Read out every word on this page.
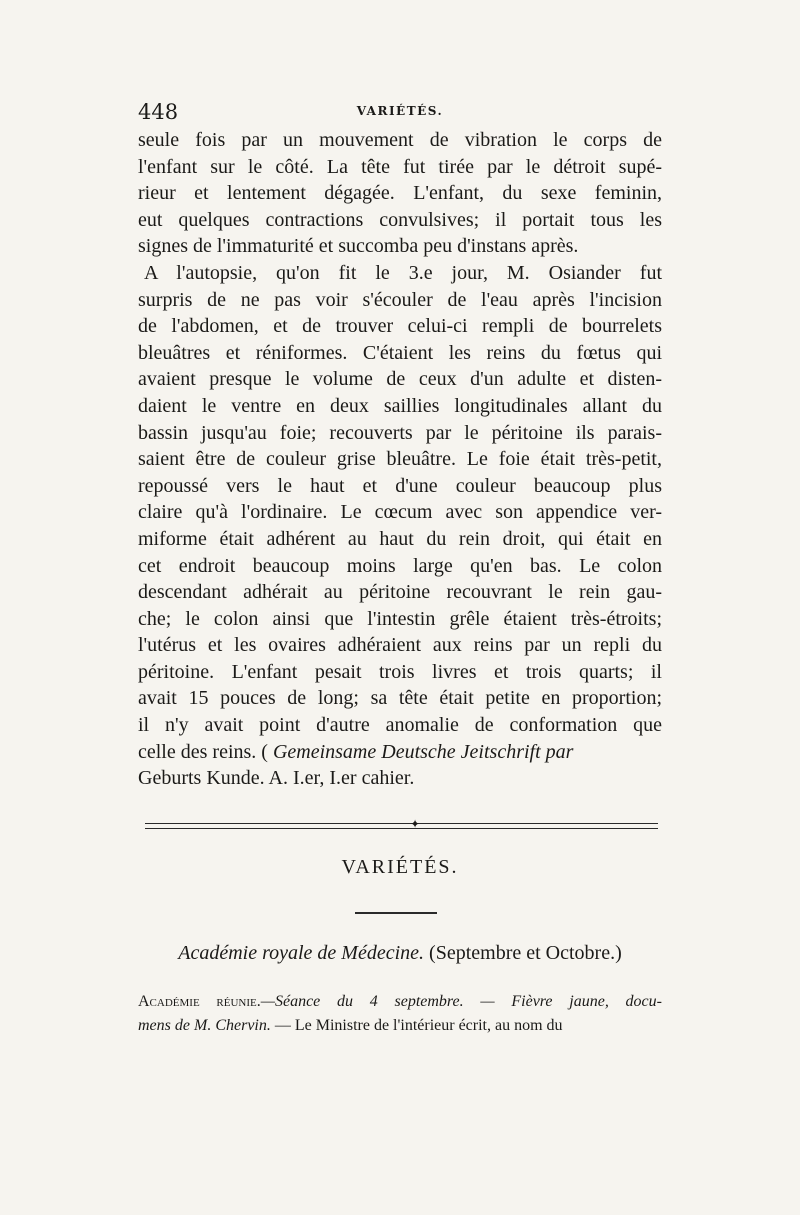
448	VARIÉTÉS.
seule fois par un mouvement de vibration le corps de
l'enfant sur le côté. La tête fut tirée par le détroit supé-
rieur et lentement dégagée. L'enfant, du sexe feminin,
eut quelques contractions convulsives; il portait tous les
signes de l'immaturité et succomba peu d'instans après.
A l'autopsie, qu'on fit le 3.e jour, M. Osiander fut
surpris de ne pas voir s'écouler de l'eau après l'incision
de l'abdomen, et de trouver celui-ci rempli de bourrelets
bleuâtres et réniformes. C'étaient les reins du fœtus qui
avaient presque le volume de ceux d'un adulte et disten-
daient le ventre en deux saillies longitudinales allant du
bassin jusqu'au foie; recouverts par le péritoine ils parais-
saient être de couleur grise bleuâtre. Le foie était très-petit,
repoussé vers le haut et d'une couleur beaucoup plus
claire qu'à l'ordinaire. Le cœcum avec son appendice ver-
miforme était adhérent au haut du rein droit, qui était en
cet endroit beaucoup moins large qu'en bas. Le colon
descendant adhérait au péritoine recouvrant le rein gau-
che; le colon ainsi que l'intestin grêle étaient très-étroits;
l'utérus et les ovaires adhéraient aux reins par un repli du
péritoine. L'enfant pesait trois livres et trois quarts; il
avait 15 pouces de long; sa tête était petite en proportion;
il n'y avait point d'autre anomalie de conformation que
celle des reins. ( Gemeinsame Deutsche Jeitschrift par
Geburts Kunde. A. I.er, I.er cahier.
✦
VARIÉTÉS.
Académie royale de Médecine. (Septembre et Octobre.)
Académie réunie.—Séance du 4 septembre. — Fièvre jaune, docu-
mens de M. Chervin. — Le Ministre de l'intérieur écrit, au nom du
